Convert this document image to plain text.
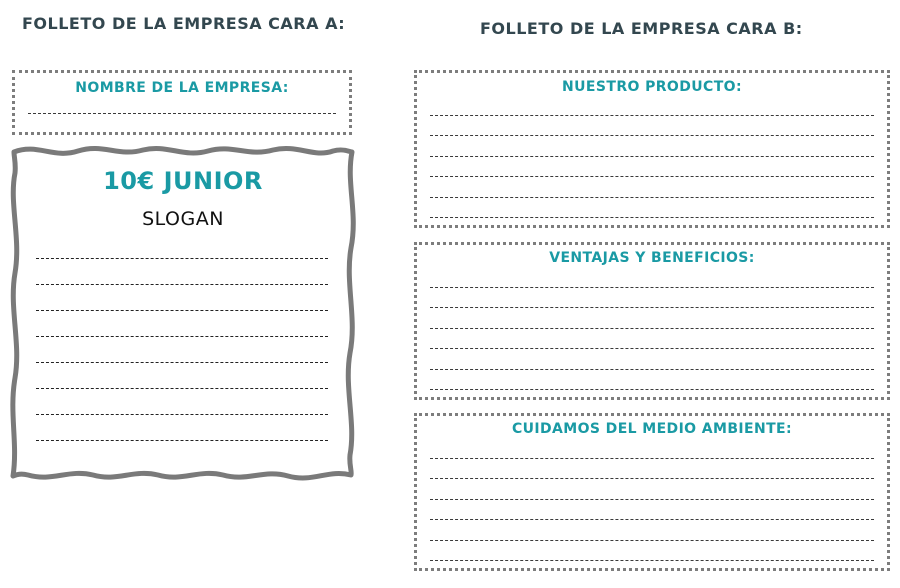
FOLLETO DE LA EMPRESA CARA A:	FOLLETO DE LA EMPRESA CARA B:

NOMBRE DE LA EMPRESA:

10€ JUNIOR

SLOGAN

NUESTRO PRODUCTO:

VENTAJAS Y BENEFICIOS:

CUIDAMOS DEL MEDIO AMBIENTE:
